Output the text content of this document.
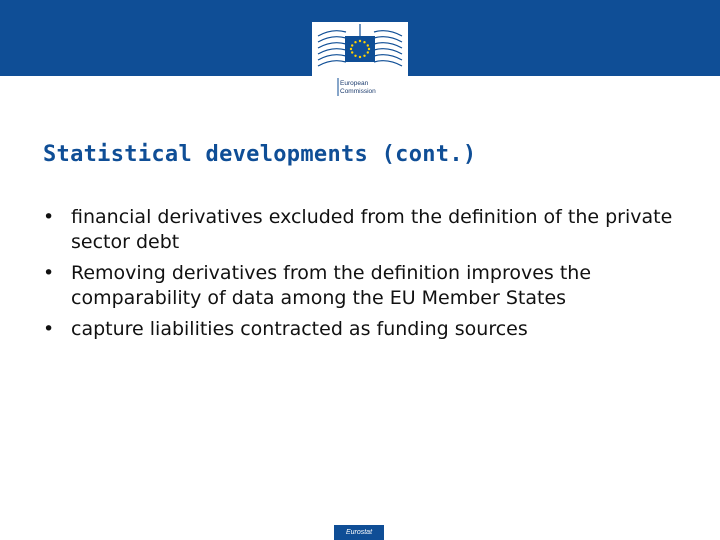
European
Commission
Statistical developments (cont.)
• financial derivatives excluded from the definition of the private sector debt
• Removing derivatives from the definition improves the comparability of data among the EU Member States
• capture liabilities contracted as funding sources
Eurostat
